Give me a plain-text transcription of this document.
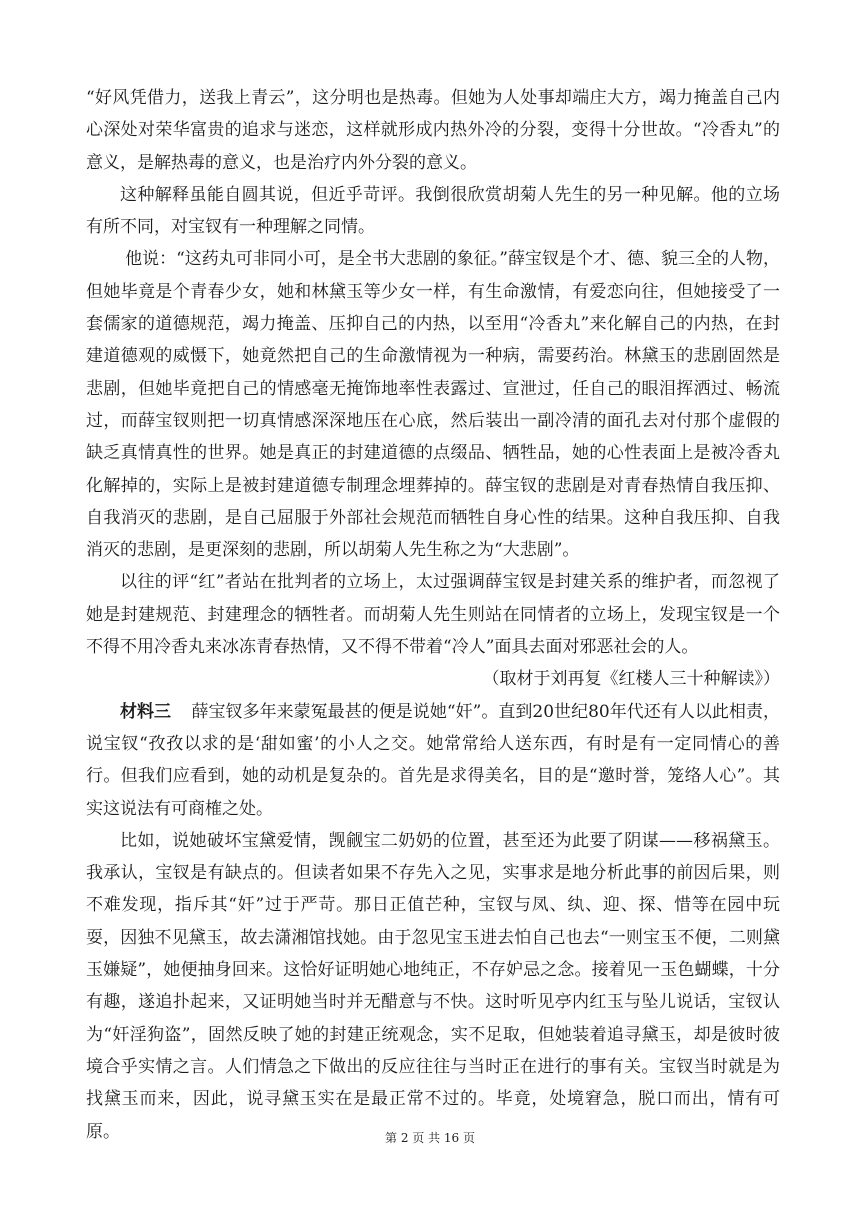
“好风凭借力，送我上青云”，这分明也是热毒。但她为人处事却端庄大方，竭力掩盖自己内心深处对荣华富贵的追求与迷恋，这样就形成内热外冷的分裂，变得十分世故。“冷香丸”的意义，是解热毒的意义，也是治疗内外分裂的意义。

这种解释虽能自圆其说，但近乎苛评。我倒很欣赏胡菊人先生的另一种见解。他的立场有所不同，对宝钗有一种理解之同情。

他说：“这药丸可非同小可，是全书大悲剧的象征。”薛宝钗是个才、德、貌三全的人物，但她毕竟是个青春少女，她和林黛玉等少女一样，有生命激情，有爱恋向往，但她接受了一套儒家的道德规范，竭力掩盖、压抑自己的内热，以至用“冷香丸”来化解自己的内热，在封建道德观的威慑下，她竟然把自己的生命激情视为一种病，需要药治。林黛玉的悲剧固然是悲剧，但她毕竟把自己的情感毫无掩饰地率性表露过、宣泄过，任自己的眼泪挥洒过、畅流过，而薛宝钗则把一切真情感深深地压在心底，然后装出一副冷清的面孔去对付那个虚假的缺乏真情真性的世界。她是真正的封建道德的点缀品、牺牲品，她的心性表面上是被冷香丸化解掉的，实际上是被封建道德专制理念埋葬掉的。薛宝钗的悲剧是对青春热情自我压抑、自我消灭的悲剧，是自己屈服于外部社会规范而牺牲自身心性的结果。这种自我压抑、自我消灭的悲剧，是更深刻的悲剧，所以胡菊人先生称之为“大悲剧”。

以往的评“红”者站在批判者的立场上，太过强调薛宝钗是封建关系的维护者，而忽视了她是封建规范、封建理念的牺牲者。而胡菊人先生则站在同情者的立场上，发现宝钗是一个不得不用冷香丸来冰冻青春热情，又不得不带着“冷人”面具去面对邪恶社会的人。

（取材于刘再复《红楼人三十种解读》）

材料三 薛宝钗多年来蒙冤最甚的便是说她“奸”。直到20世纪80年代还有人以此相责，说宝钗“孜孜以求的是‘甜如蜜’的小人之交。她常常给人送东西，有时是有一定同情心的善行。但我们应看到，她的动机是复杂的。首先是求得美名，目的是“邀时誉，笼络人心”。其实这说法有可商榷之处。

比如，说她破坏宝黛爱情，觊觎宝二奶奶的位置，甚至还为此要了阴谋——移祸黛玉。我承认，宝钗是有缺点的。但读者如果不存先入之见，实事求是地分析此事的前因后果，则不难发现，指斥其“奸”过于严苛。那日正值芒种，宝钗与凤、纨、迎、探、惜等在园中玩耍，因独不见黛玉，故去潇湘馆找她。由于忽见宝玉进去怕自己也去“一则宝玉不便，二则黛玉嫌疑”，她便抽身回来。这恰好证明她心地纯正，不存妒忌之念。接着见一玉色蝴蝶，十分有趣，遂追扑起来，又证明她当时并无醋意与不快。这时听见亭内红玉与坠儿说话，宝钗认为“奸淫狗盗”，固然反映了她的封建正统观念，实不足取，但她装着追寻黛玉，却是彼时彼境合乎实情之言。人们情急之下做出的反应往往与当时正在进行的事有关。宝钗当时就是为找黛玉而来，因此，说寻黛玉实在是最正常不过的。毕竟，处境窘急，脱口而出，情有可原。	第 2 页 共 16 页
